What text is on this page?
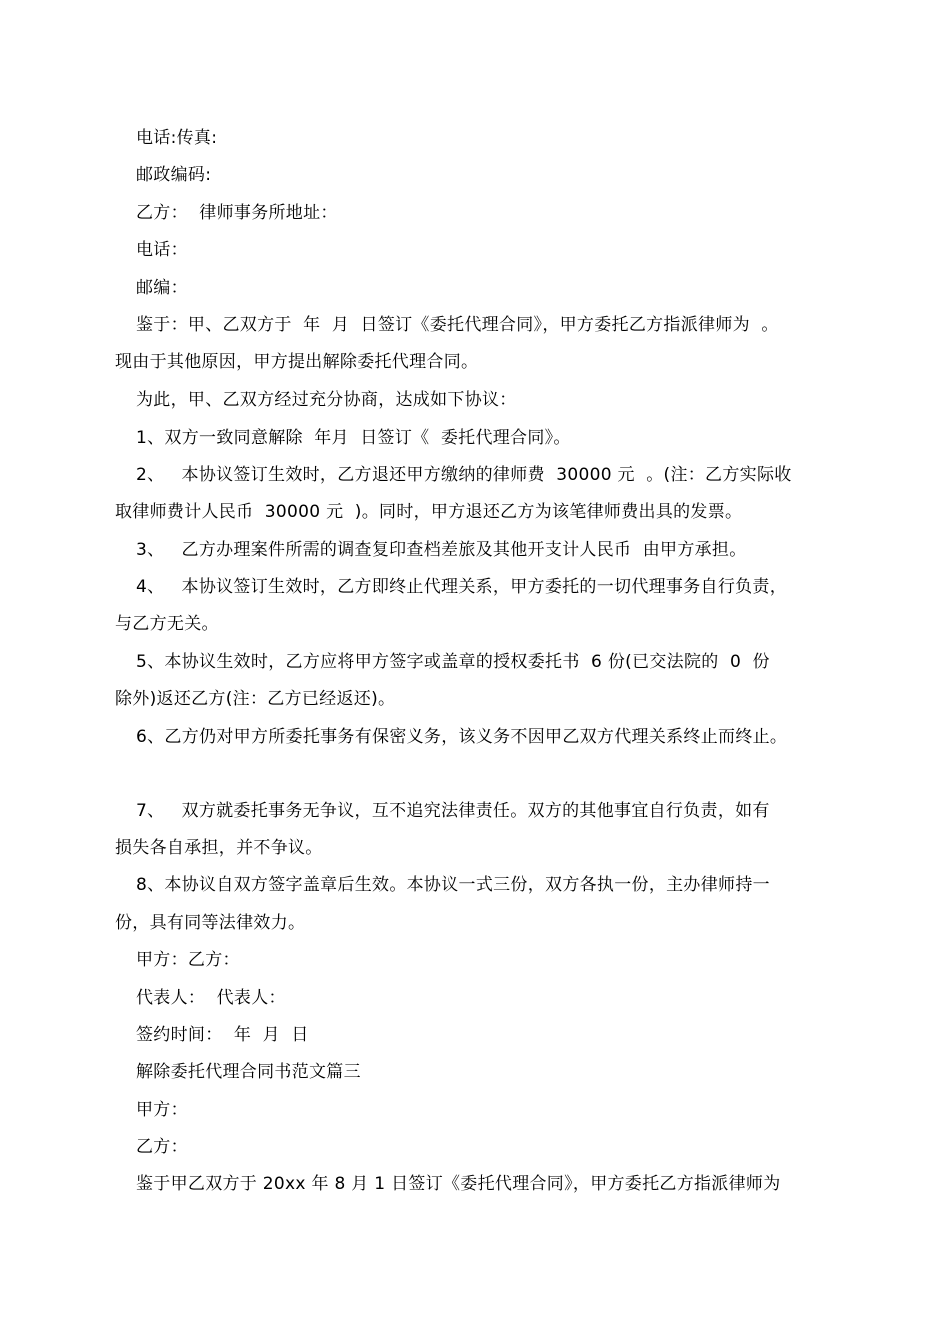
电话:传真:
邮政编码:
乙方：  律师事务所地址：
电话：
邮编：
鉴于：甲、乙双方于  年  月  日签订《委托代理合同》，甲方委托乙方指派律师为  。
现由于其他原因，甲方提出解除委托代理合同。
为此，甲、乙双方经过充分协商，达成如下协议：
1、双方一致同意解除  年月  日签订《  委托代理合同》。
2、   本协议签订生效时，乙方退还甲方缴纳的律师费  30000 元  。(注：乙方实际收
取律师费计人民币  30000 元  )。同时，甲方退还乙方为该笔律师费出具的发票。
3、   乙方办理案件所需的调查复印查档差旅及其他开支计人民币  由甲方承担。
4、   本协议签订生效时，乙方即终止代理关系，甲方委托的一切代理事务自行负责，
与乙方无关。
5、本协议生效时，乙方应将甲方签字或盖章的授权委托书  6 份(已交法院的  0  份
除外)返还乙方(注：乙方已经返还)。
6、乙方仍对甲方所委托事务有保密义务，该义务不因甲乙双方代理关系终止而终止。
7、   双方就委托事务无争议，互不追究法律责任。双方的其他事宜自行负责，如有
损失各自承担，并不争议。
8、本协议自双方签字盖章后生效。本协议一式三份，双方各执一份，主办律师持一
份，具有同等法律效力。
甲方：乙方：
代表人：  代表人：
签约时间：  年  月  日
解除委托代理合同书范文篇三
甲方：
乙方：
鉴于甲乙双方于 20xx 年 8 月 1 日签订《委托代理合同》，甲方委托乙方指派律师为
